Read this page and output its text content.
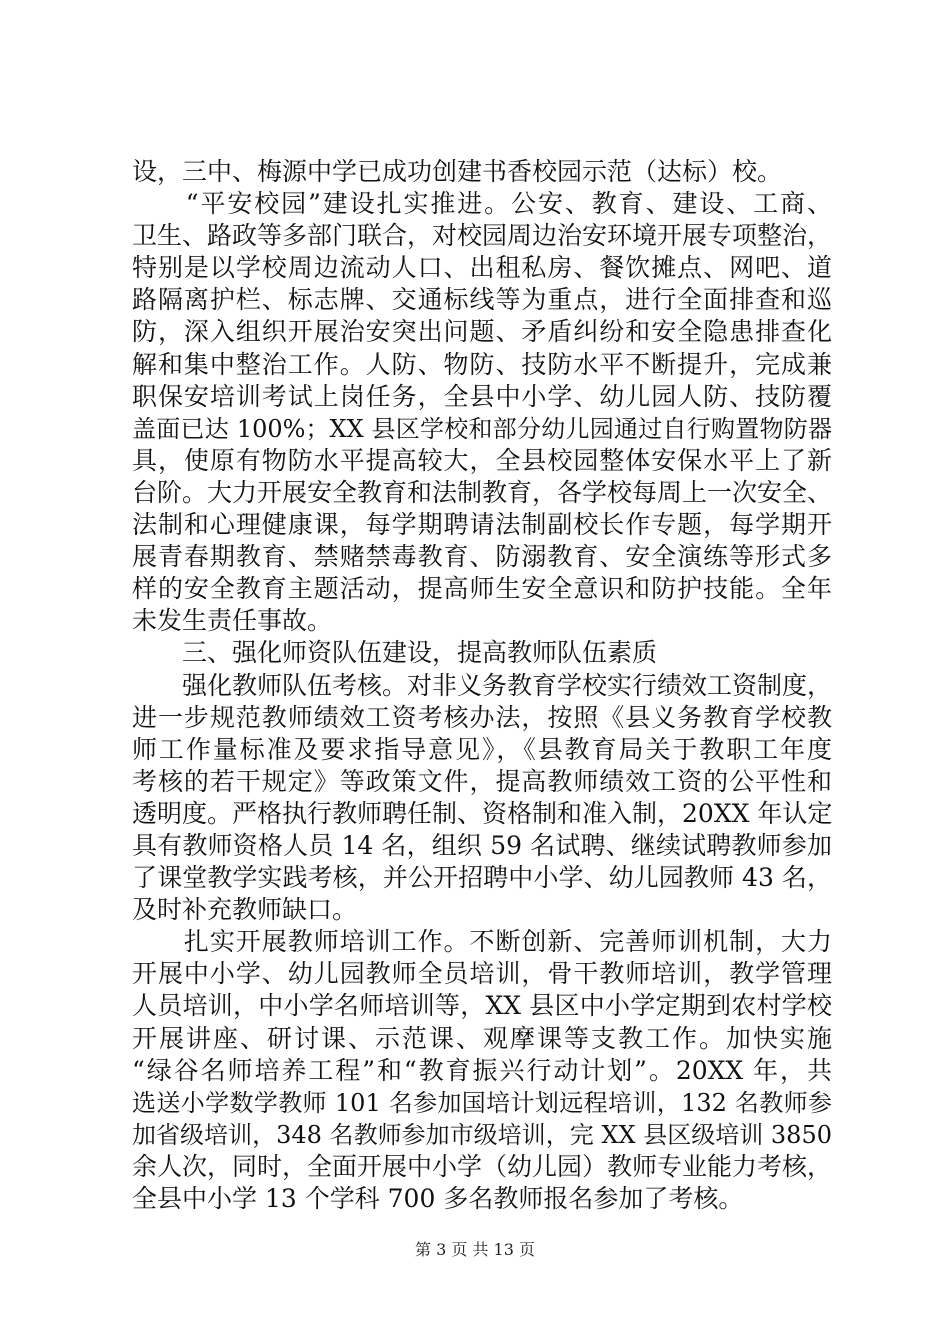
设，三中、梅源中学已成功创建书香校园示范（达标）校。
　　“平安校园”建设扎实推进。公安、教育、建设、工商、
卫生、路政等多部门联合，对校园周边治安环境开展专项整治，
特别是以学校周边流动人口、出租私房、餐饮摊点、网吧、道
路隔离护栏、标志牌、交通标线等为重点，进行全面排查和巡
防，深入组织开展治安突出问题、矛盾纠纷和安全隐患排查化
解和集中整治工作。人防、物防、技防水平不断提升，完成兼
职保安培训考试上岗任务，全县中小学、幼儿园人防、技防覆
盖面已达 100%；XX 县区学校和部分幼儿园通过自行购置物防器
具，使原有物防水平提高较大，全县校园整体安保水平上了新
台阶。大力开展安全教育和法制教育，各学校每周上一次安全、
法制和心理健康课，每学期聘请法制副校长作专题，每学期开
展青春期教育、禁赌禁毒教育、防溺教育、安全演练等形式多
样的安全教育主题活动，提高师生安全意识和防护技能。全年
未发生责任事故。
　　三、强化师资队伍建设，提高教师队伍素质
　　强化教师队伍考核。对非义务教育学校实行绩效工资制度，
进一步规范教师绩效工资考核办法，按照《县义务教育学校教
师工作量标准及要求指导意见》，《县教育局关于教职工年度
考核的若干规定》等政策文件，提高教师绩效工资的公平性和
透明度。严格执行教师聘任制、资格制和准入制，20XX 年认定
具有教师资格人员 14 名，组织 59 名试聘、继续试聘教师参加
了课堂教学实践考核，并公开招聘中小学、幼儿园教师 43 名，
及时补充教师缺口。
　　扎实开展教师培训工作。不断创新、完善师训机制，大力
开展中小学、幼儿园教师全员培训，骨干教师培训，教学管理
人员培训，中小学名师培训等，XX 县区中小学定期到农村学校
开展讲座、研讨课、示范课、观摩课等支教工作。加快实施
“绿谷名师培养工程”和“教育振兴行动计划”。20XX 年，共
选送小学数学教师 101 名参加国培计划远程培训，132 名教师参
加省级培训，348 名教师参加市级培训，完 XX 县区级培训 3850
余人次，同时，全面开展中小学（幼儿园）教师专业能力考核，
全县中小学 13 个学科 700 多名教师报名参加了考核。
第 3 页 共 13 页
